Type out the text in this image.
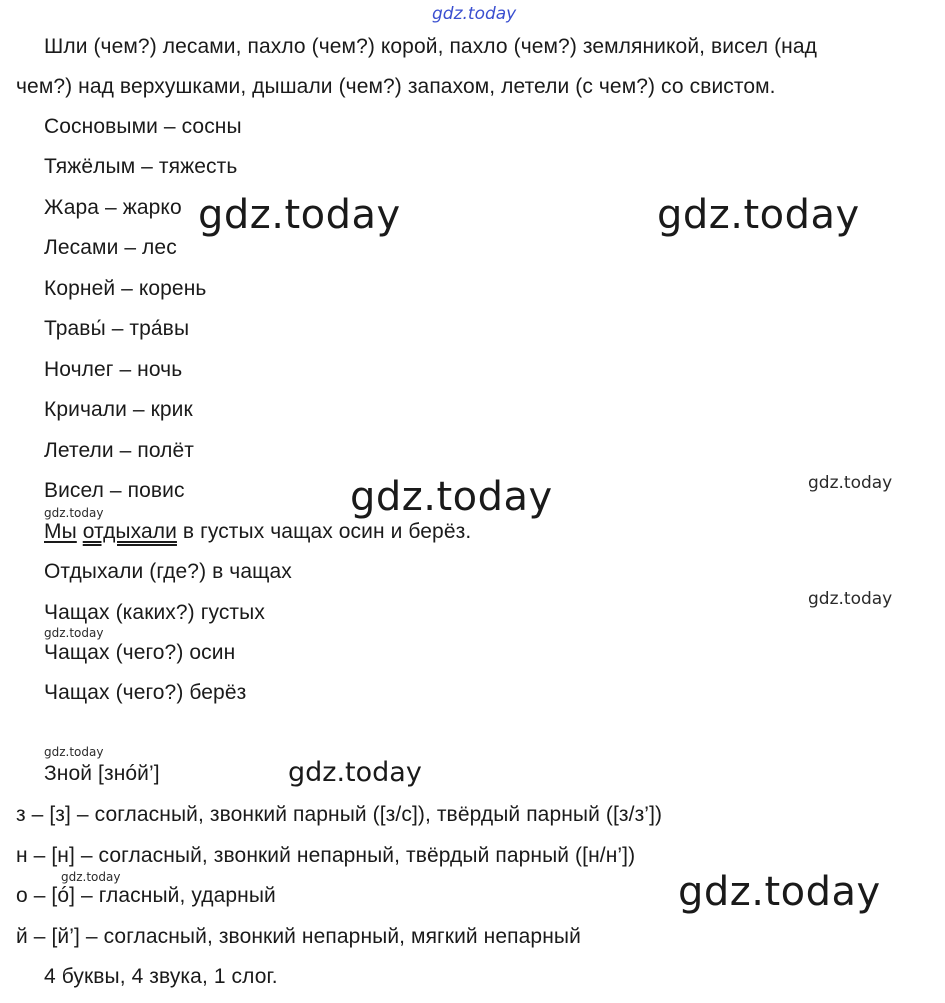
gdz.today
Шли (чем?) лесами, пахло (чем?) корой, пахло (чем?) земляникой, висел (над
чем?) над верхушками, дышали (чем?) запахом, летели (с чем?) со свистом.
Сосновыми – сосны
Тяжёлым – тяжесть
Жара – жарко
Лесами – лес
Корней – корень
Травы́ – тра́вы
Ночлег – ночь
Кричали – крик
Летели – полёт
Висел – повис
Мы отдыхали в густых чащах осин и берёз.
Отдыхали (где?) в чащах
Чащах (каких?) густых
Чащах (чего?) осин
Чащах (чего?) берёз
Зной [знóй’]
з – [з] – согласный, звонкий парный ([з/с]), твёрдый парный ([з/з’])
н – [н] – согласный, звонкий непарный, твёрдый парный ([н/н’])
о – [ó] – гласный, ударный
й – [й’] – согласный, звонкий непарный, мягкий непарный
4 буквы, 4 звука, 1 слог.
gdz.today	gdz.today
gdz.today
gdz.today
gdz.today
gdz.today
gdz.today
gdz.today
gdz.today
gdz.today
gdz.today
